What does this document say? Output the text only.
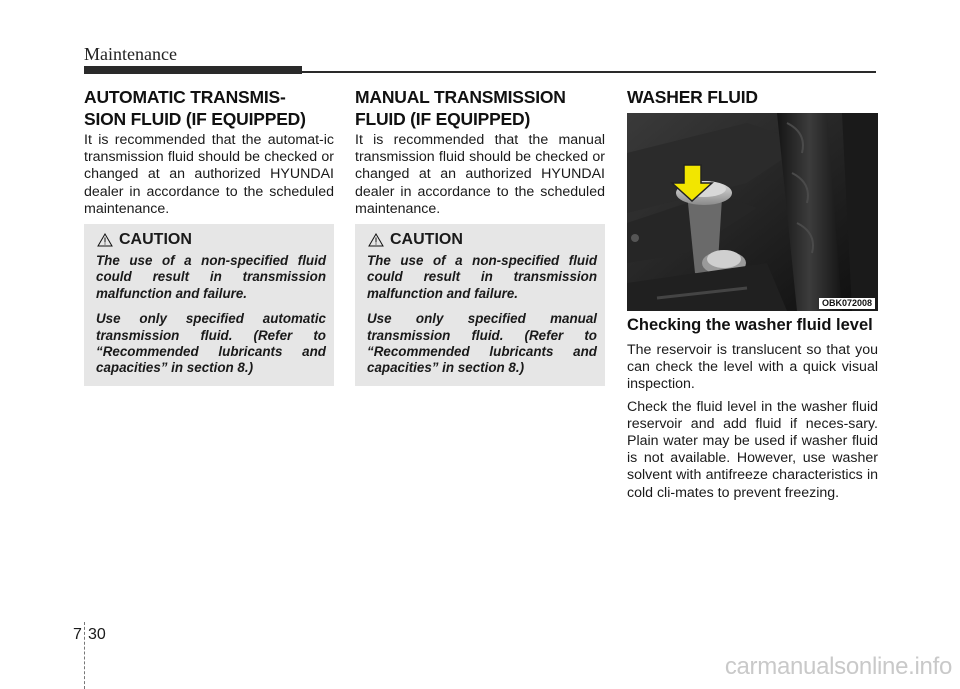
Maintenance
AUTOMATIC TRANSMIS-
SION FLUID (IF EQUIPPED)

It is recommended that the automat-ic transmission fluid should be checked or changed at an authorized HYUNDAI dealer in accordance to the scheduled maintenance.

CAUTION

The use of a non-specified fluid could result in transmission malfunction and failure.

Use only specified automatic transmission fluid. (Refer to “Recommended lubricants and capacities” in section 8.)

MANUAL TRANSMISSION
FLUID (IF EQUIPPED)

It is recommended that the manual transmission fluid should be checked or changed at an authorized HYUNDAI dealer in accordance to the scheduled maintenance.

CAUTION

The use of a non-specified fluid could result in transmission malfunction and failure.

Use only specified manual transmission fluid. (Refer to “Recommended lubricants and capacities” in section 8.)

WASHER FLUID
OBK072008
Checking the washer fluid level

The reservoir is translucent so that you can check the level with a quick visual inspection.

Check the fluid level in the washer fluid reservoir and add fluid if neces-sary. Plain water may be used if washer fluid is not available. However, use washer solvent with antifreeze characteristics in cold cli-mates to prevent freezing.

7 30
carmanualsonline.info
